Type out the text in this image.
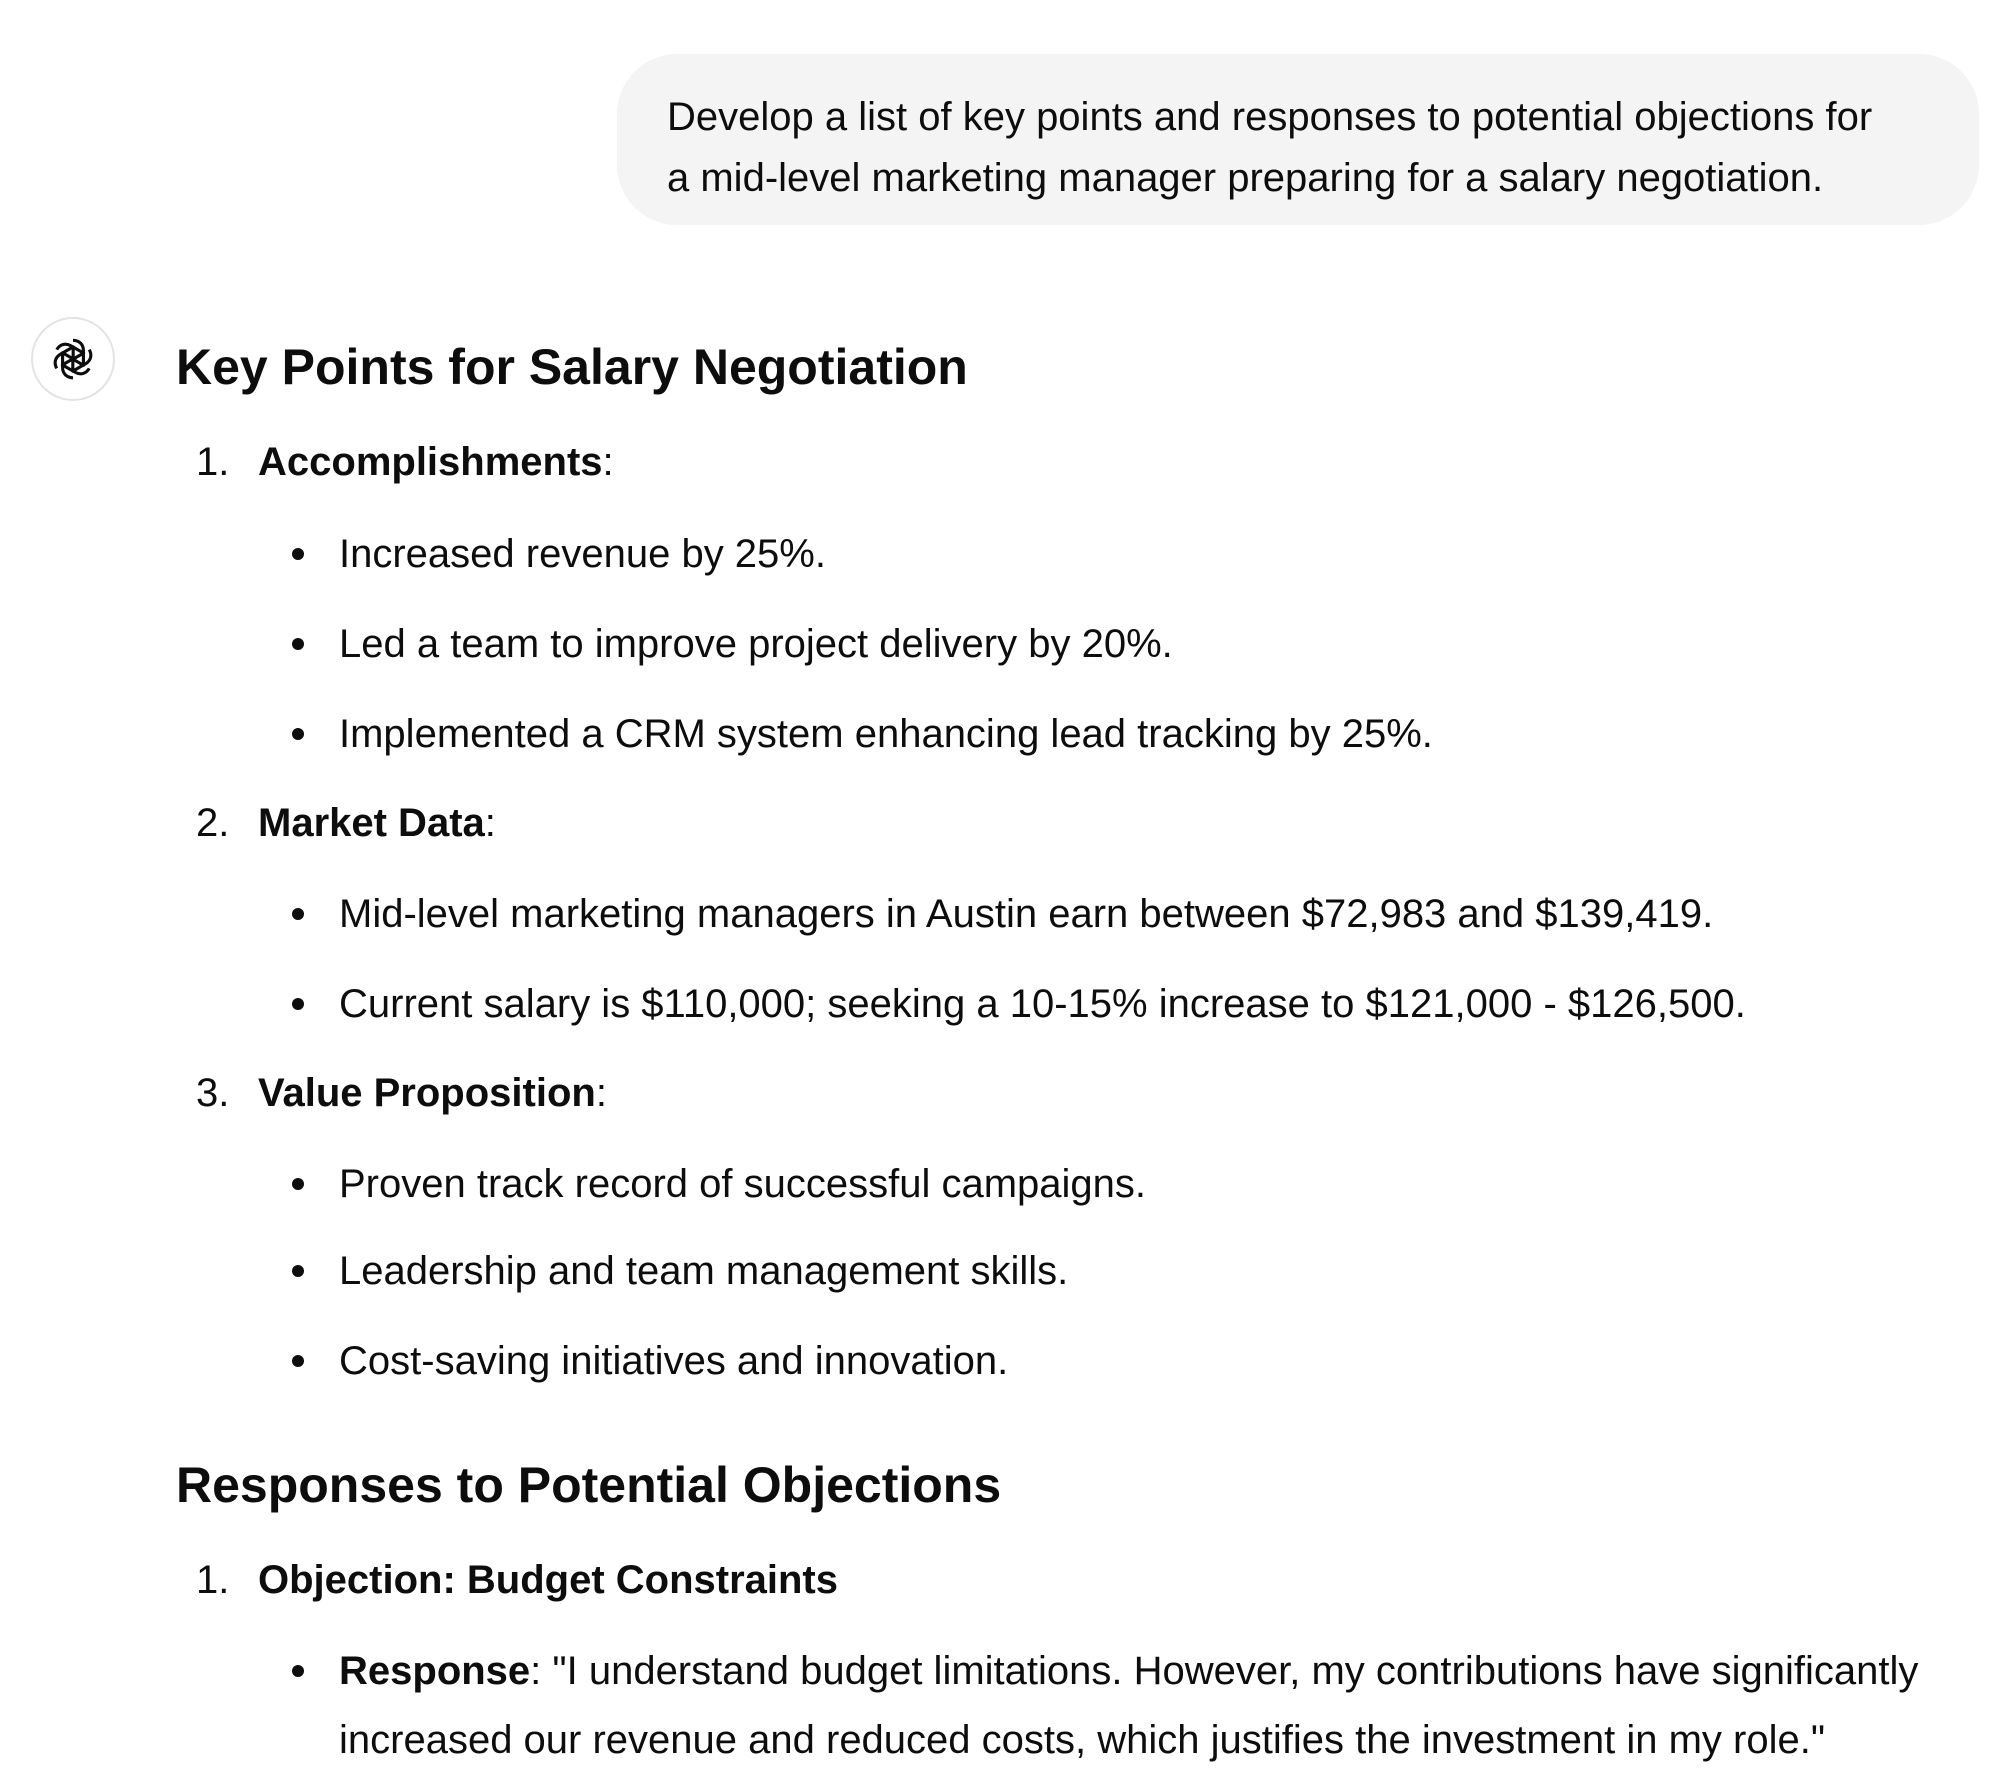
Develop a list of key points and responses to potential objections for
a mid-level marketing manager preparing for a salary negotiation.
Key Points for Salary Negotiation
1. Accomplishments:
Increased revenue by 25%.
Led a team to improve project delivery by 20%.
Implemented a CRM system enhancing lead tracking by 25%.
2. Market Data:
Mid-level marketing managers in Austin earn between $72,983 and $139,419.
Current salary is $110,000; seeking a 10-15% increase to $121,000 - $126,500.
3. Value Proposition:
Proven track record of successful campaigns.
Leadership and team management skills.
Cost-saving initiatives and innovation.
Responses to Potential Objections
1. Objection: Budget Constraints
Response: "I understand budget limitations. However, my contributions have significantly
increased our revenue and reduced costs, which justifies the investment in my role."
